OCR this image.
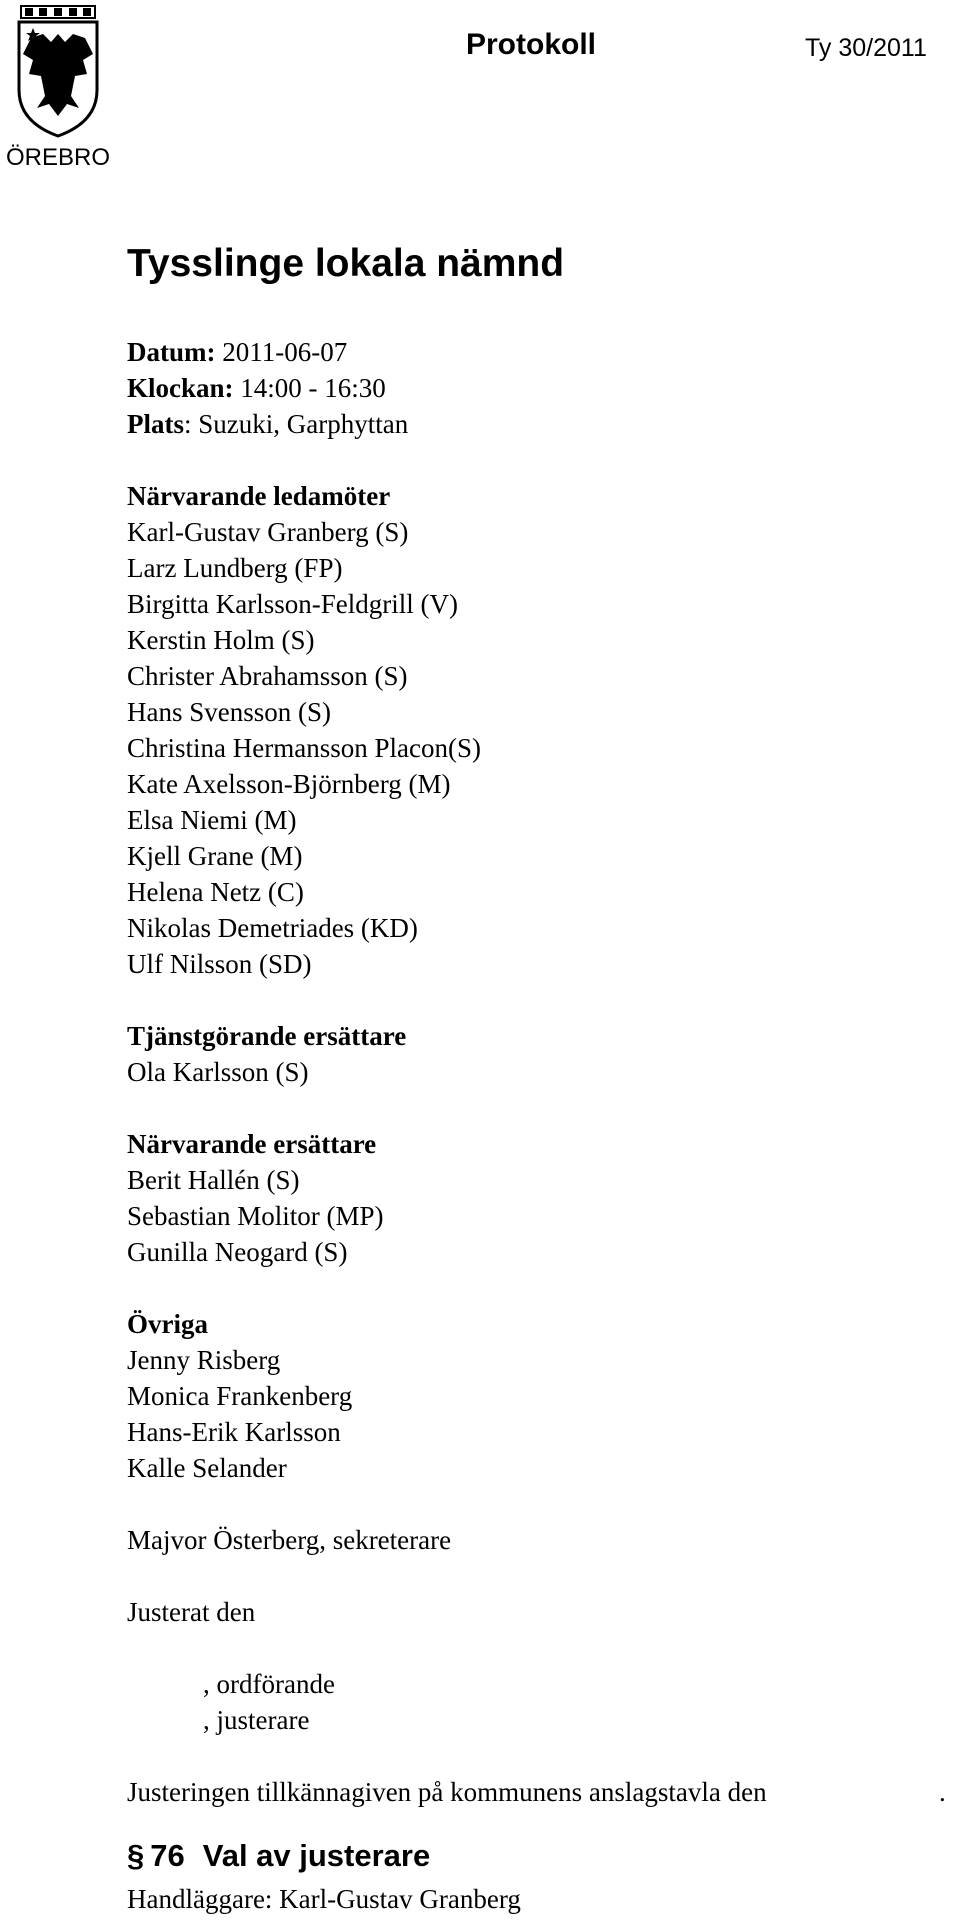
ÖREBRO
Protokoll	Ty 30/2011
Tysslinge lokala nämnd
Datum: 2011-06-07
Klockan: 14:00 - 16:30
Plats: Suzuki, Garphyttan
Närvarande ledamöter
Karl-Gustav Granberg (S)
Larz Lundberg (FP)
Birgitta Karlsson-Feldgrill (V)
Kerstin Holm (S)
Christer Abrahamsson (S)
Hans Svensson (S)
Christina Hermansson Placon(S)
Kate Axelsson-Björnberg (M)
Elsa Niemi (M)
Kjell Grane (M)
Helena Netz (C)
Nikolas Demetriades (KD)
Ulf Nilsson (SD)
Tjänstgörande ersättare
Ola Karlsson (S)
Närvarande ersättare
Berit Hallén (S)
Sebastian Molitor (MP)
Gunilla Neogard (S)
Övriga
Jenny Risberg
Monica Frankenberg
Hans-Erik Karlsson
Kalle Selander
Majvor Österberg, sekreterare
Justerat den
, ordförande
, justerare
Justeringen tillkännagiven på kommunens anslagstavla den	.
§ 76 Val av justerare
Handläggare: Karl-Gustav Granberg
